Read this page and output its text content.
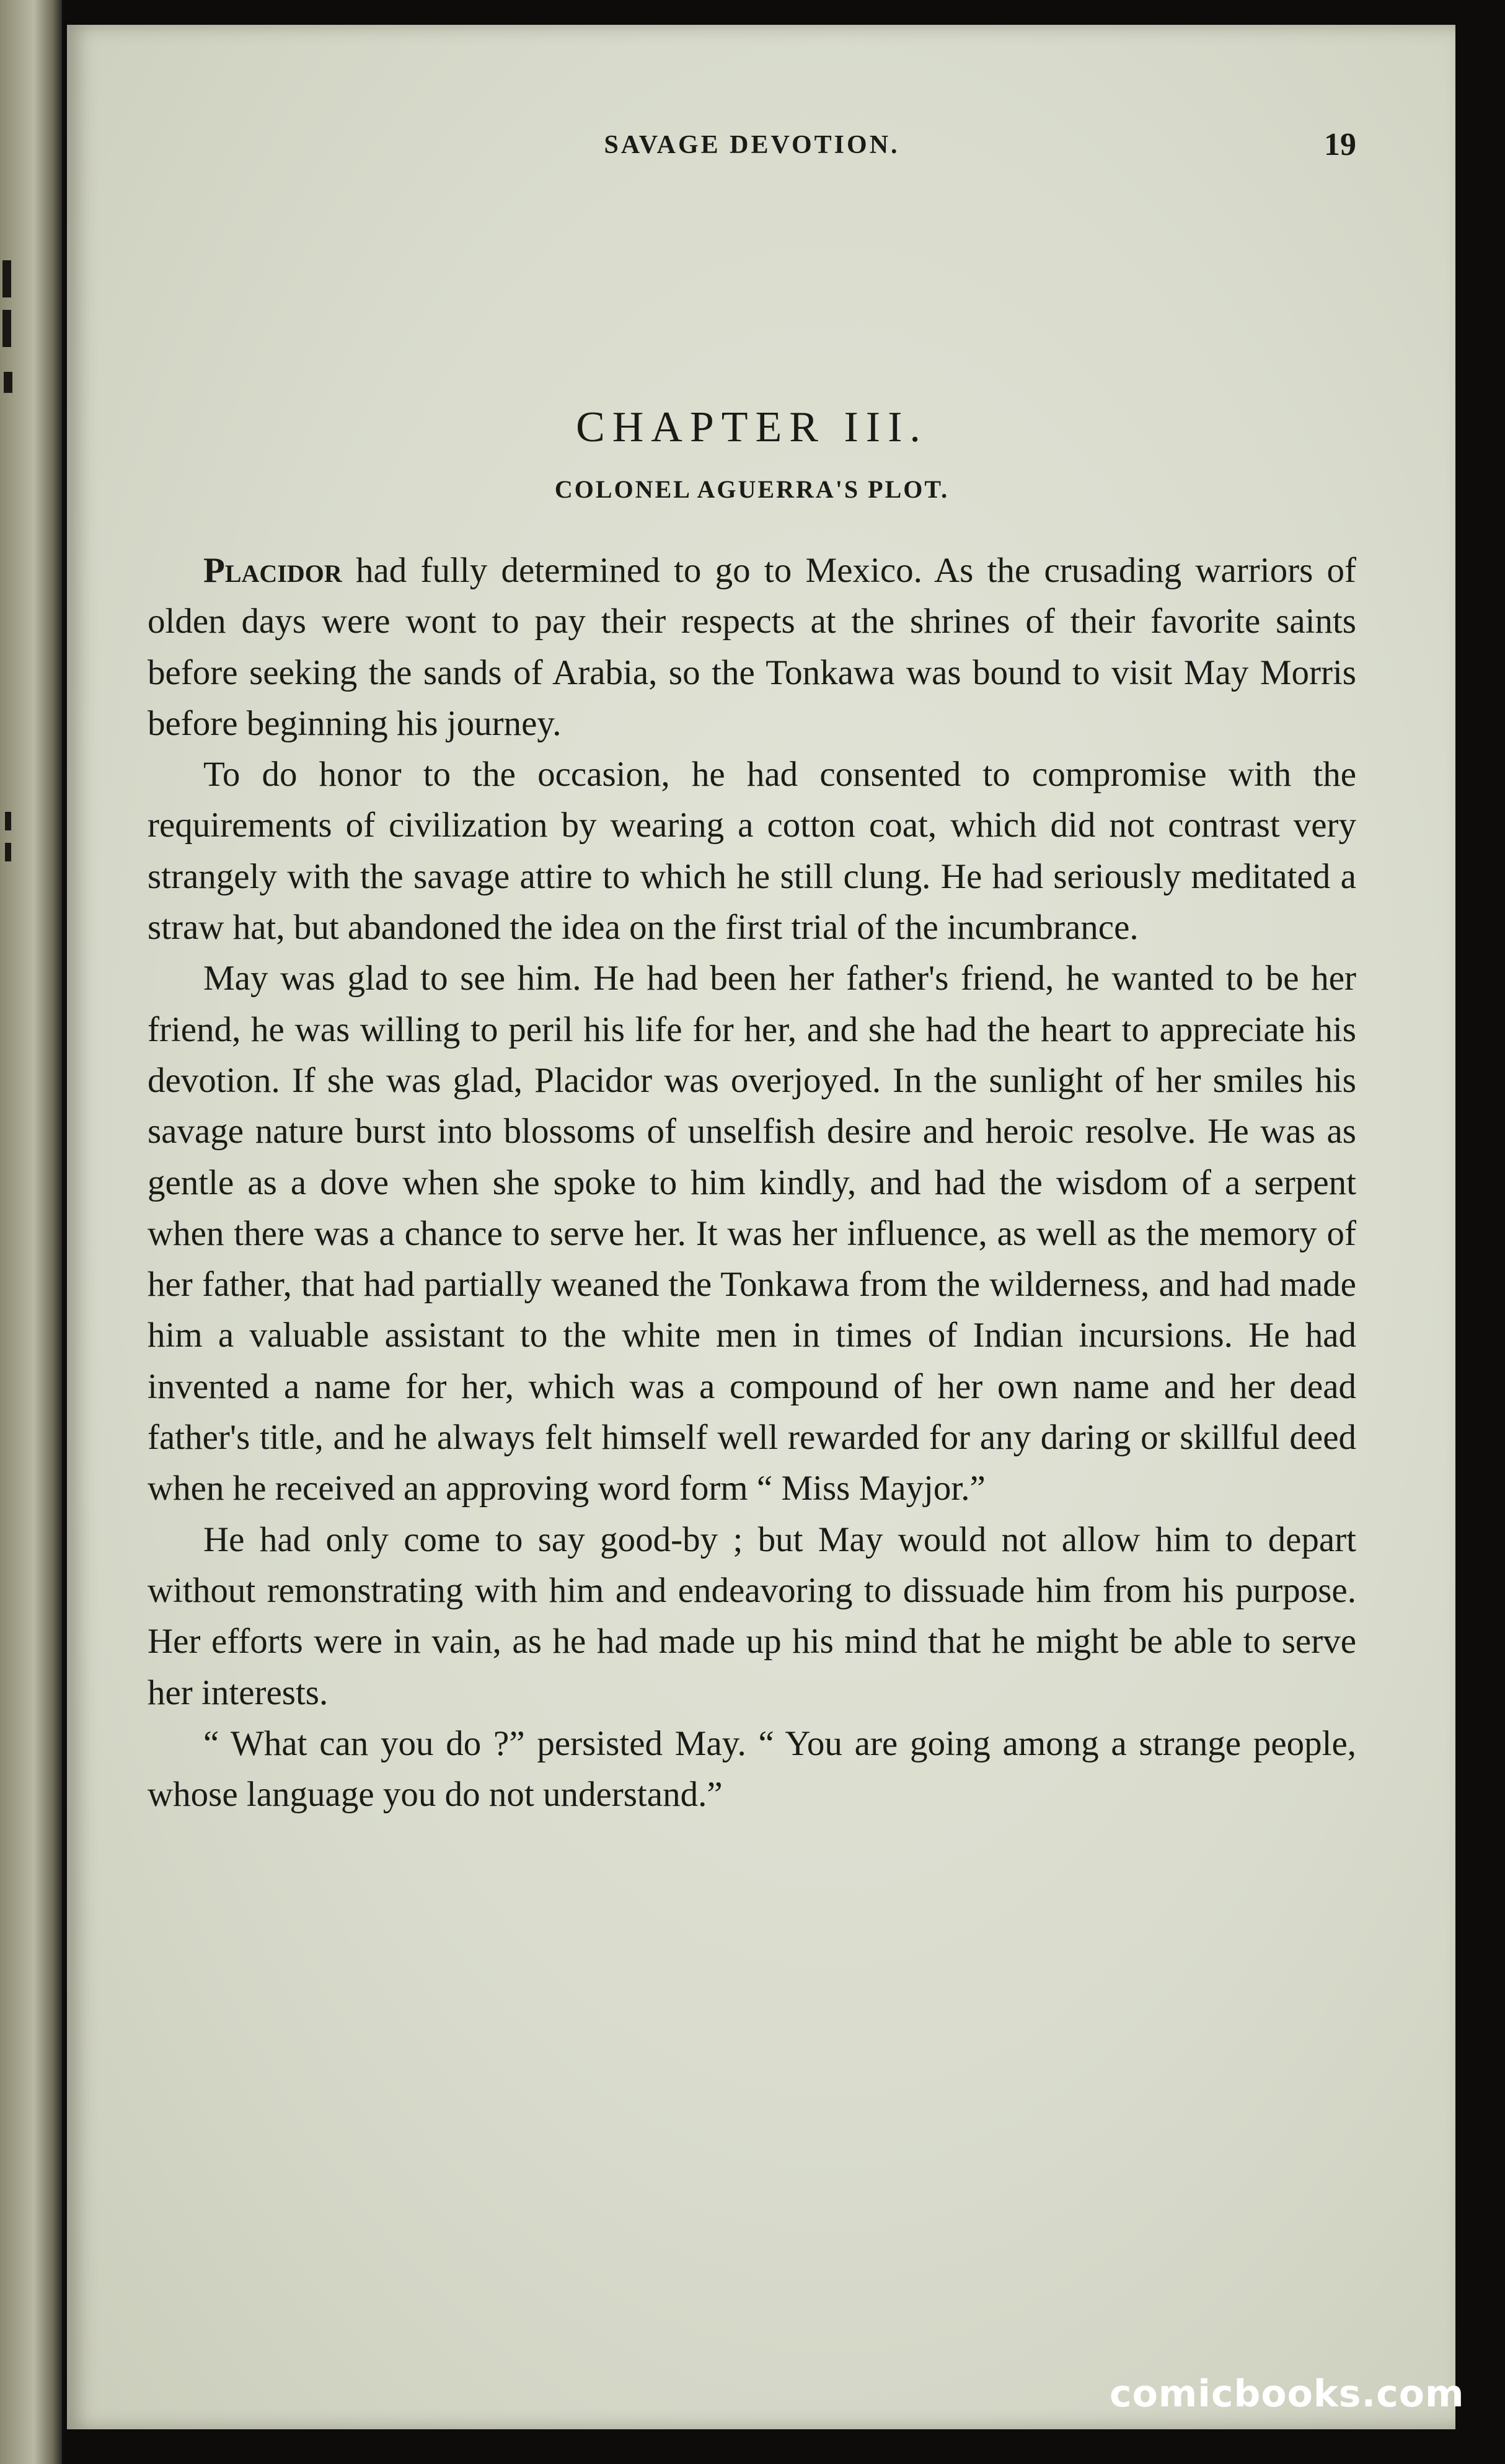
SAVAGE DEVOTION.	19
CHAPTER III.
COLONEL AGUERRA'S PLOT.

Placidor had fully determined to go to Mexico. As the crusading warriors of olden days were wont to pay their respects at the shrines of their favorite saints before seeking the sands of Arabia, so the Tonkawa was bound to visit May Morris before beginning his journey.

To do honor to the occasion, he had consented to compromise with the requirements of civilization by wearing a cotton coat, which did not contrast very strangely with the savage attire to which he still clung. He had seriously meditated a straw hat, but abandoned the idea on the first trial of the incumbrance.

May was glad to see him. He had been her father's friend, he wanted to be her friend, he was willing to peril his life for her, and she had the heart to appreciate his devotion. If she was glad, Placidor was overjoyed. In the sunlight of her smiles his savage nature burst into blossoms of unselfish desire and heroic resolve. He was as gentle as a dove when she spoke to him kindly, and had the wisdom of a serpent when there was a chance to serve her. It was her influence, as well as the memory of her father, that had partially weaned the Tonkawa from the wilderness, and had made him a valuable assistant to the white men in times of Indian incursions. He had invented a name for her, which was a compound of her own name and her dead father's title, and he always felt himself well rewarded for any daring or skillful deed when he received an approving word form “ Miss Mayjor.”

He had only come to say good-by ; but May would not allow him to depart without remonstrating with him and endeavoring to dissuade him from his purpose. Her efforts were in vain, as he had made up his mind that he might be able to serve her interests.

“ What can you do ?” persisted May. “ You are going among a strange people, whose language you do not understand.”

comicbooks.com
